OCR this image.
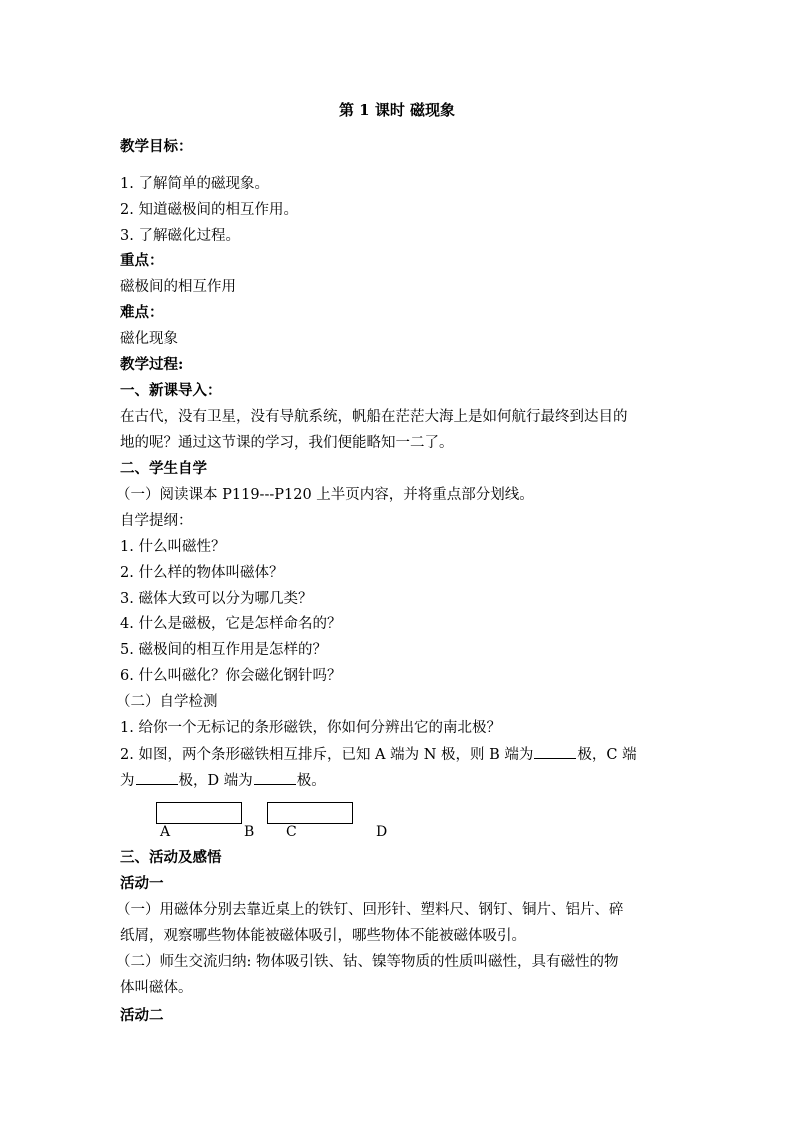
第 1 课时 磁现象
教学目标：
1. 了解简单的磁现象。
2. 知道磁极间的相互作用。
3. 了解磁化过程。
重点：
磁极间的相互作用
难点：
磁化现象
教学过程:
一、新课导入：
在古代，没有卫星，没有导航系统，帆船在茫茫大海上是如何航行最终到达目的
地的呢？通过这节课的学习，我们便能略知一二了。
二、学生自学
（一）阅读课本 P119---P120 上半页内容，并将重点部分划线。
自学提纲：
1. 什么叫磁性？
2. 什么样的物体叫磁体？
3. 磁体大致可以分为哪几类？
4. 什么是磁极，它是怎样命名的？
5. 磁极间的相互作用是怎样的？
6. 什么叫磁化？你会磁化钢针吗？
（二）自学检测
1. 给你一个无标记的条形磁铁，你如何分辨出它的南北极？
2. 如图，两个条形磁铁相互排斥，已知 A 端为 N 极，则 B 端为	极，C 端
为	极，D 端为	极。
A	B C	D
三、活动及感悟
活动一
（一）用磁体分别去靠近桌上的铁钉、回形针、塑料尺、钢钉、铜片、铝片、碎
纸屑，观察哪些物体能被磁体吸引，哪些物体不能被磁体吸引。
（二）师生交流归纳: 物体吸引铁、钴、镍等物质的性质叫磁性，具有磁性的物
体叫磁体。
活动二
